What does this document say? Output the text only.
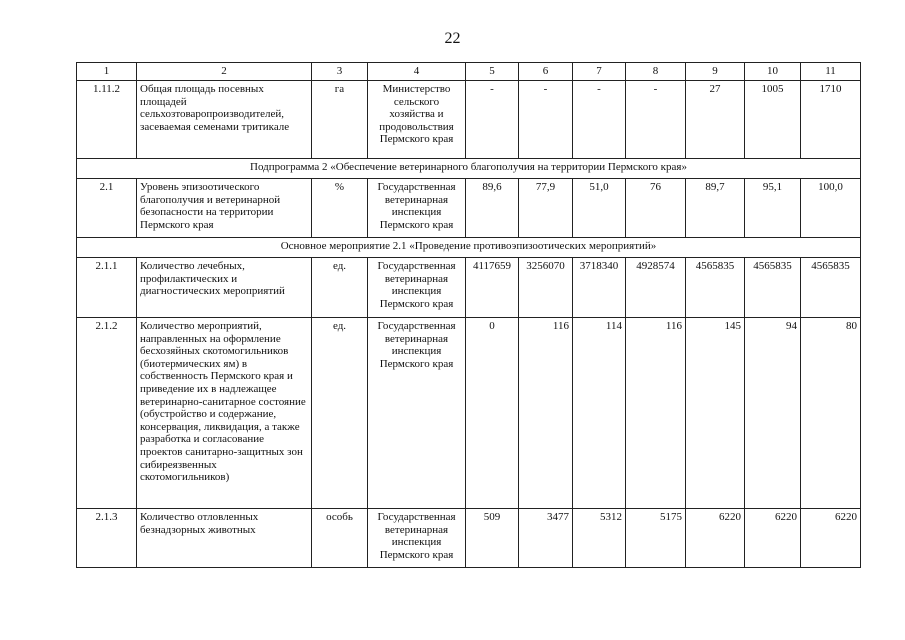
22
1	2	3	4	5	6	7	8	9	10	11
1.11.2	Общая площадь посевных площадей сельхозтоваропроизводителей, засеваемая семенами тритикале	га	Министерство сельского хозяйства и продовольствия Пермского края	-	-	-	-	27	1005	1710
Подпрограмма 2 «Обеспечение ветеринарного благополучия на территории Пермского края»										
2.1	Уровень эпизоотического благополучия и ветеринарной безопасности на территории Пермского края	%	Государственная ветеринарная инспекция Пермского края	89,6	77,9	51,0	76	89,7	95,1	100,0
Основное мероприятие 2.1 «Проведение противоэпизоотических мероприятий»										
2.1.1	Количество лечебных, профилактических и диагностических мероприятий	ед.	Государственная ветеринарная инспекция Пермского края	4117659	3256070	3718340	4928574	4565835	4565835	4565835
2.1.2	Количество мероприятий, направленных на оформление бесхозяйных скотомогильников (биотермических ям) в собственность Пермского края и приведение их в надлежащее ветеринарно-санитарное состояние (обустройство и содержание, консервация, ликвидация, а также разработка и согласование проектов санитарно-защитных зон сибиреязвенных скотомогильников)	ед.	Государственная ветеринарная инспекция Пермского края	0	116	114	116	145	94	80
2.1.3	Количество отловленных безнадзорных животных	особь	Государственная ветеринарная инспекция Пермского края	509	3477	5312	5175	6220	6220	6220
